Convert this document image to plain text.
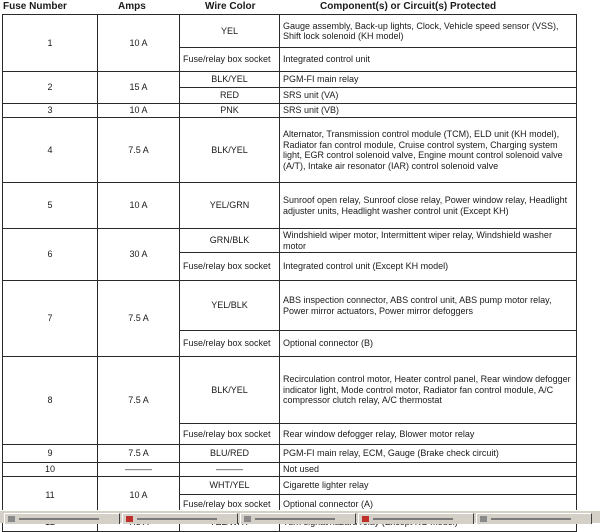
Fuse Number	Amps	Wire Color	Component(s) or Circuit(s) Protected
1	10 A	YEL	Gauge assembly, Back-up lights, Clock, Vehicle speed sensor (VSS), Shift lock solenoid (KH model)
		Fuse/relay box socket	Integrated control unit
2	15 A	BLK/YEL	PGM-FI main relay
		RED	SRS unit (VA)
3	10 A	PNK	SRS unit (VB)
4	7.5 A	BLK/YEL	Alternator, Transmission control module (TCM), ELD unit (KH model), Radiator fan control module, Cruise control system, Charging system light, EGR control solenoid valve, Engine mount control solenoid valve (A/T), Intake air resonator (IAR) control solenoid valve
5	10 A	YEL/GRN	Sunroof open relay, Sunroof close relay, Power window relay, Headlight adjuster units, Headlight washer control unit (Except KH)
6	30 A	GRN/BLK	Windshield wiper motor, Intermittent wiper relay, Windshield washer motor
		Fuse/relay box socket	Integrated control unit (Except KH model)
7	7.5 A	YEL/BLK	ABS inspection connector, ABS control unit, ABS pump motor relay, Power mirror actuators, Power mirror defoggers
		Fuse/relay box socket	Optional connector (B)
8	7.5 A	BLK/YEL	Recirculation control motor, Heater control panel, Rear window defogger indicator light, Mode control motor, Radiator fan control module, A/C compressor clutch relay, A/C thermostat
		Fuse/relay box socket	Rear window defogger relay, Blower motor relay
9	7.5 A	BLU/RED	PGM-FI main relay, ECM, Gauge (Brake check circuit)
10	———	———	Not used
11	10 A	WHT/YEL	Cigarette lighter relay
		Fuse/relay box socket	Optional connector (A)
